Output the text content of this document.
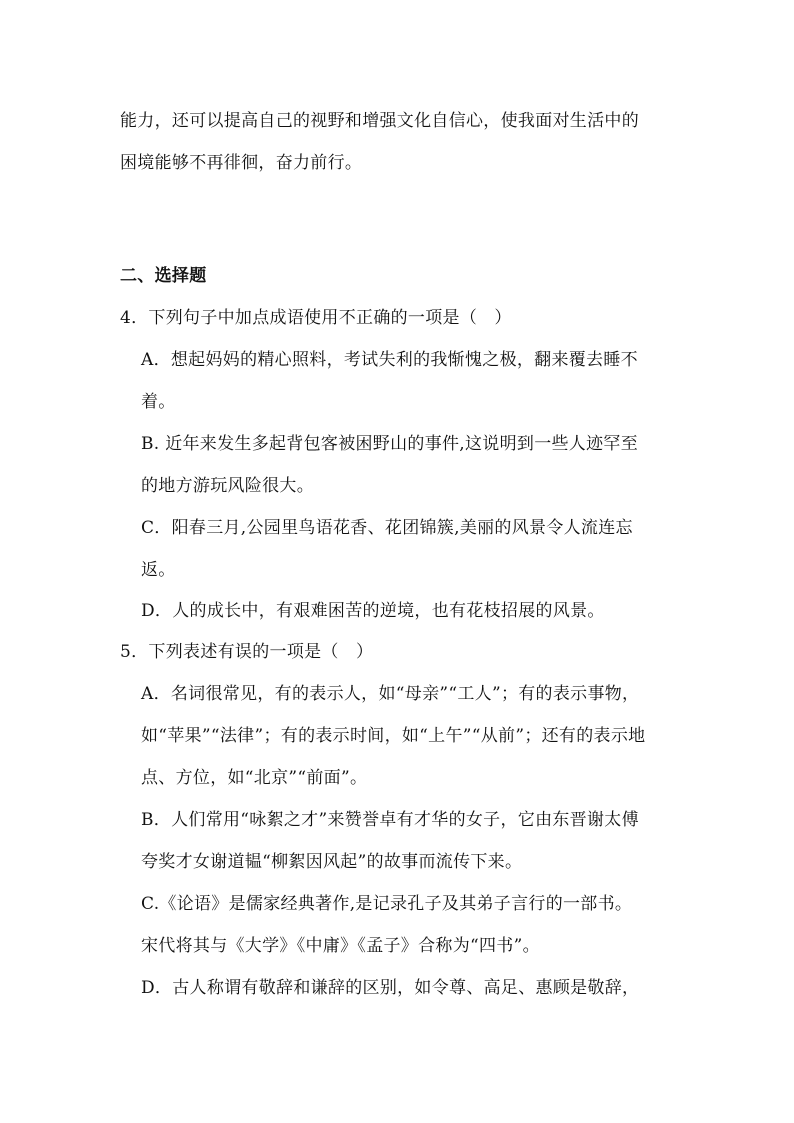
能力，还可以提高自己的视野和增强文化自信心，使我面对生活中的
困境能够不再徘徊，奋力前行。
二、选择题
4．下列句子中加点成语使用不正确的一项是（　）
A．想起妈妈的精心照料，考试失利的我惭愧之极，翻来覆去睡不
着。
B. 近年来发生多起背包客被困野山的事件,这说明到一些人迹罕至
的地方游玩风险很大。
C．阳春三月,公园里鸟语花香、花团锦簇,美丽的风景令人流连忘
返。
D．人的成长中，有艰难困苦的逆境，也有花枝招展的风景。
5．下列表述有误的一项是（　）
A．名词很常见，有的表示人，如“母亲”“工人”；有的表示事物，
如“苹果”“法律”；有的表示时间，如“上午”“从前”；还有的表示地
点、方位，如“北京”“前面”。
B．人们常用“咏絮之才”来赞誉卓有才华的女子，它由东晋谢太傅
夸奖才女谢道韫“柳絮因风起”的故事而流传下来。
C.《论语》是儒家经典著作,是记录孔子及其弟子言行的一部书。
宋代将其与《大学》《中庸》《孟子》合称为“四书”。
D．古人称谓有敬辞和谦辞的区别，如令尊、高足、惠顾是敬辞，
